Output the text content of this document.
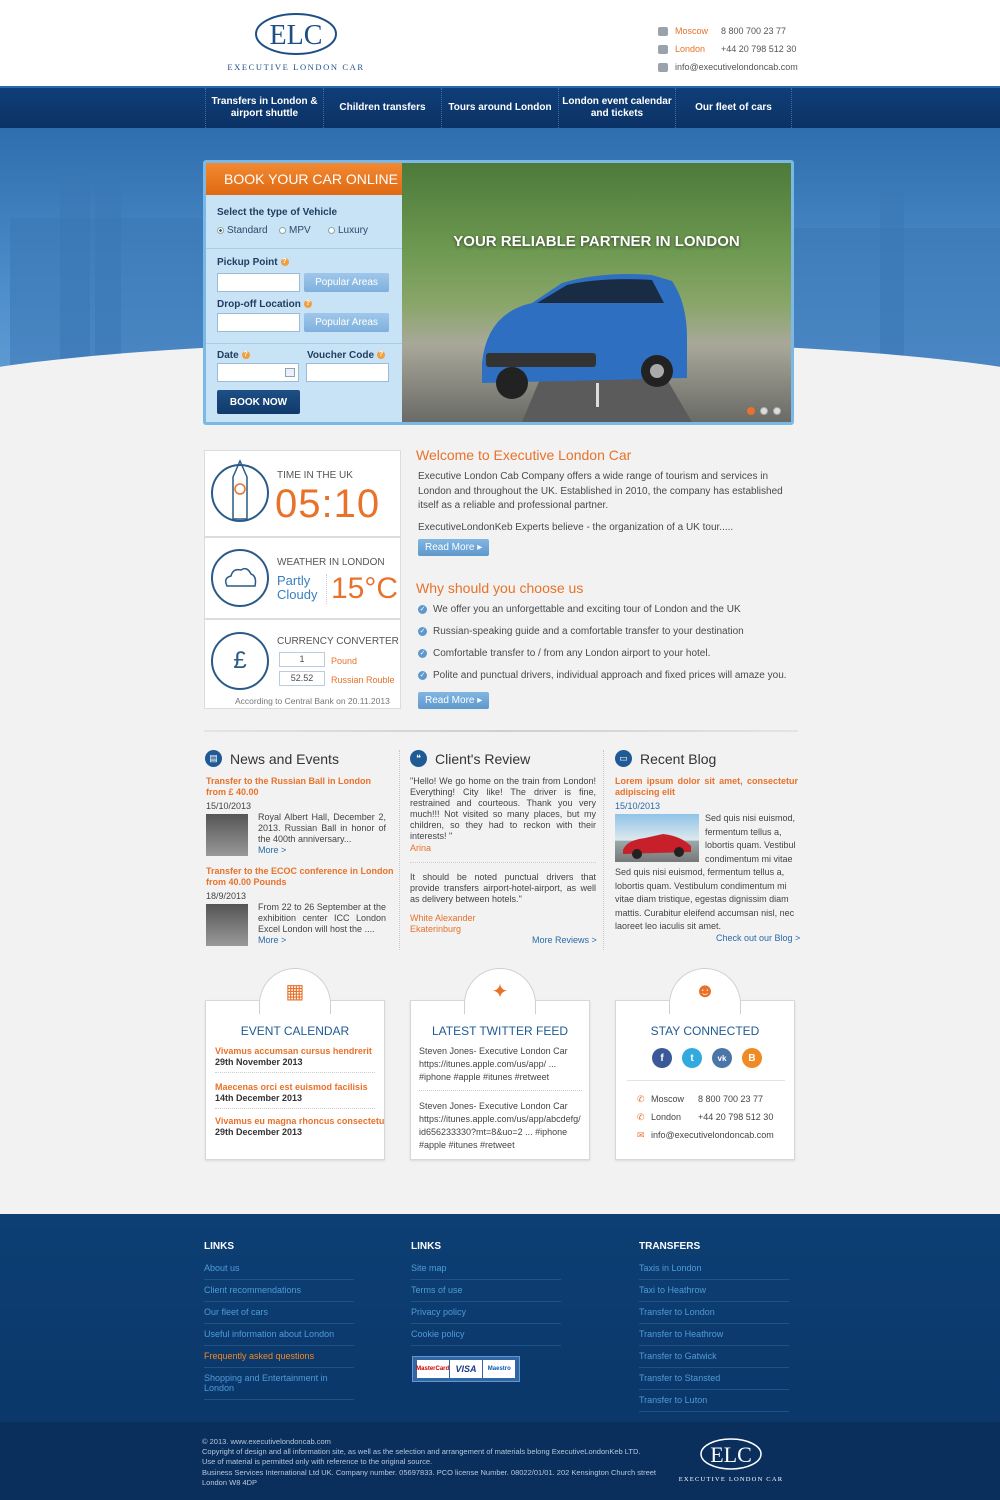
ELC
EXECUTIVE LONDON CAR
Moscow	8 800 700 23 77
London	+44 20 798 512 30
info@executivelondoncab.com
Transfers in London & airport shuttle
Children transfers	Tours around London
London event calendar and tickets
Our fleet of cars
BOOK YOUR CAR ONLINE
Select the type of Vehicle
Standard MPV	Luxury
Pickup Point ?
Popular Areas
Drop-off Location ?
Popular Areas
Date ?	Voucher Code ?
BOOK NOW
YOUR RELIABLE PARTNER IN LONDON
TIME IN THE UK
05:10
WEATHER IN LONDON
Partly
Cloudy 15°C
£
CURRENCY CONVERTER
1	Pound
52.52	Russian Rouble
According to Central Bank on 20.11.2013
Welcome to Executive London Car
Executive London Cab Company offers a wide range of tourism and services in London and throughout the UK. Established in 2010, the company has established itself as a reliable and professional partner.
ExecutiveLondonKeb Experts believe - the organization of a UK tour.....
Read More ▸
Why should you choose us
✓ We offer you an unforgettable and exciting tour of London and the UK
✓ Russian-speaking guide and a comfortable transfer to your destination
✓ Comfortable transfer to / from any London airport to your hotel.
✓ Polite and punctual drivers, individual approach and fixed prices will amaze you.
Read More ▸
▤ News and Events
Transfer to the Russian Ball in London from £ 40.00
15/10/2013
Royal Albert Hall, December 2, 2013. Russian Ball in honor of the 400th anniversary...
More >
Transfer to the ECOC conference in London from 40.00 Pounds
18/9/2013
From 22 to 26 September at the exhibition center ICC London Excel London will host the ....
More >
❝	Client's Review
"Hello! We go home on the train from London! Everything! City like! The driver is fine, restrained and courteous. Thank you very much!!! Not visited so many places, but my children, so they had to reckon with their interests! "
Arina
It should be noted punctual drivers that provide transfers airport-hotel-airport, as well as delivery between hotels."
White Alexander
Ekaterinburg
More Reviews >
▭ Recent Blog
Lorem ipsum dolor sit amet, consectetur adipiscing elit
15/10/2013
Sed quis nisi euismod, fermentum tellus a, lobortis quam. Vestibul condimentum mi vitae
Sed quis nisi euismod, fermentum tellus a, lobortis quam. Vestibulum condimentum mi vitae diam tristique, egestas dignissim diam mattis. Curabitur eleifend accumsan nisl, nec laoreet leo iaculis sit amet.
Check out our Blog >
▦
EVENT CALENDAR
Vivamus accumsan cursus hendrerit
29th November 2013
Maecenas orci est euismod facilisis
14th December 2013
Vivamus eu magna rhoncus consectetu
29th December 2013
✦
LATEST TWITTER FEED
Steven Jones- Executive London Car https://itunes.apple.com/us/app/ ... #iphone #apple #itunes #retweet
Steven Jones- Executive London Car https://itunes.apple.com/us/app/abcdefg/ id656233330?mt=8&uo=2 ... #iphone #apple #itunes #retweet
☻
STAY CONNECTED
f	t	vk	B
✆ Moscow 8 800 700 23 77
✆ London +44 20 798 512 30
✉ info@executivelondoncab.com
LINKS
About us
Client recommendations
Our fleet of cars
Useful information about London
Frequently asked questions
Shopping and Entertainment in London
LINKS
Site map
Terms of use
Privacy policy
Cookie policy
MasterCard VISA	Maestro
TRANSFERS
Taxis in London
Taxi to Heathrow
Transfer to London
Transfer to Heathrow
Transfer to Gatwick
Transfer to Stansted
Transfer to Luton
© 2013. www.executivelondoncab.com
Copyright of design and all information site, as well as the selection and arrangement of materials belong ExecutiveLondonKeb LTD.
Use of material is permitted only with reference to the original source.
Business Services International Ltd UK. Company number. 05697833. PCO license Number. 08022/01/01. 202 Kensington Church street
London W8 4DP
ELC
EXECUTIVE LONDON CAR
